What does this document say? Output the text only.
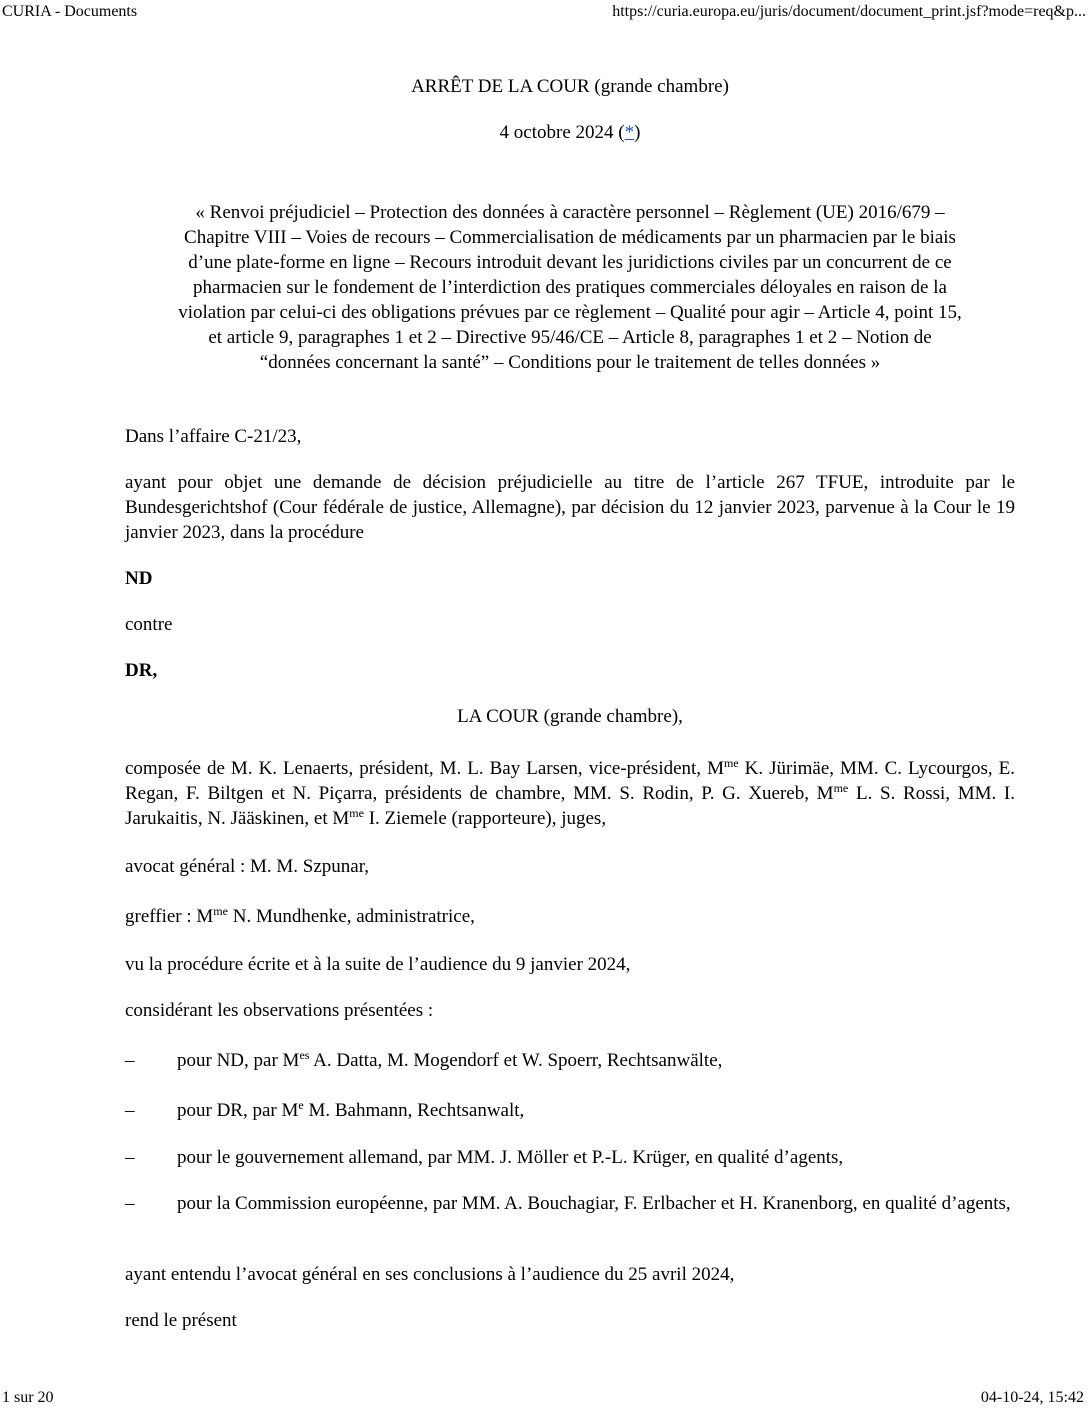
CURIA - Documents	https://curia.europa.eu/juris/document/document_print.jsf?mode=req&p...
ARRÊT DE LA COUR (grande chambre)
4 octobre 2024 (*)
« Renvoi préjudiciel – Protection des données à caractère personnel – Règlement (UE) 2016/679 –
Chapitre VIII – Voies de recours – Commercialisation de médicaments par un pharmacien par le biais
d’une plate-forme en ligne – Recours introduit devant les juridictions civiles par un concurrent de ce
pharmacien sur le fondement de l’interdiction des pratiques commerciales déloyales en raison de la
violation par celui-ci des obligations prévues par ce règlement – Qualité pour agir – Article 4, point 15,
et article 9, paragraphes 1 et 2 – Directive 95/46/CE – Article 8, paragraphes 1 et 2 – Notion de
“données concernant la santé” – Conditions pour le traitement de telles données »
Dans l’affaire C-21/23,
ayant pour objet une demande de décision préjudicielle au titre de l’article 267 TFUE, introduite par le Bundesgerichtshof (Cour fédérale de justice, Allemagne), par décision du 12 janvier 2023, parvenue à la Cour le 19 janvier 2023, dans la procédure
ND
contre
DR,
LA COUR (grande chambre),
composée de M. K. Lenaerts, président, M. L. Bay Larsen, vice-président, $M^{me}$ K. Jürimäe, MM. C. Lycourgos, E. Regan, F. Biltgen et N. Piçarra, présidents de chambre, MM. S. Rodin, P. G. Xuereb, $M^{me}$ L. S. Rossi, MM. I. Jarukaitis, N. Jääskinen, et $M^{me}$ I. Ziemele (rapporteure), juges,
avocat général : M. M. Szpunar,
greffier : $M^{me}$ N. Mundhenke, administratrice,
vu la procédure écrite et à la suite de l’audience du 9 janvier 2024,
considérant les observations présentées :
– pour ND, par $M^{es}$ A. Datta, M. Mogendorf et W. Spoerr, Rechtsanwälte,
– pour DR, par Me M. Bahmann, Rechtsanwalt,
– pour le gouvernement allemand, par MM. J. Möller et P.-L. Krüger, en qualité d’agents,
– pour la Commission européenne, par MM. A. Bouchagiar, F. Erlbacher et H. Kranenborg, en qualité d’agents,
ayant entendu l’avocat général en ses conclusions à l’audience du 25 avril 2024,
rend le présent
1 sur 20	04-10-24, 15:42
